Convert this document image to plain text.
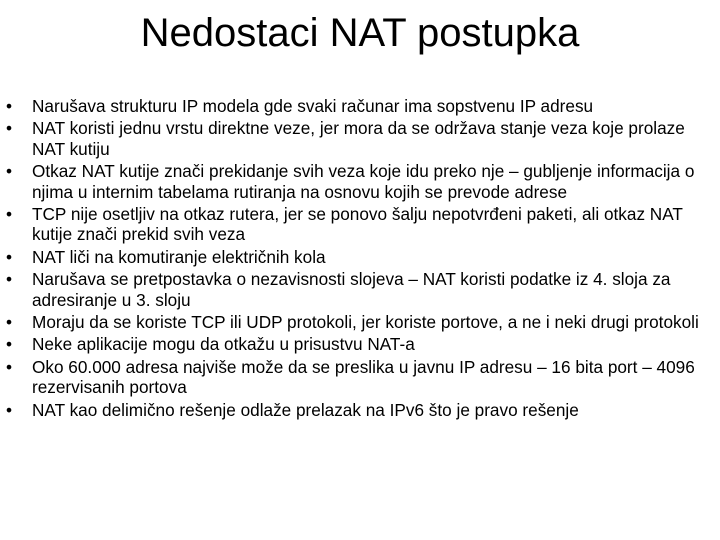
Nedostaci NAT postupka
•	Narušava strukturu IP modela gde svaki računar ima sopstvenu IP adresu
•	NAT koristi jednu vrstu direktne veze, jer mora da se održava stanje veza koje prolaze NAT kutiju
•	Otkaz NAT kutije znači prekidanje svih veza koje idu preko nje – gubljenje informacija o njima u internim tabelama rutiranja na osnovu kojih se prevode adrese
•	TCP nije osetljiv na otkaz rutera, jer se ponovo šalju nepotvrđeni paketi, ali otkaz NAT kutije znači prekid svih veza
•	NAT liči na komutiranje električnih kola
•	Narušava se pretpostavka o nezavisnosti slojeva – NAT koristi podatke iz 4. sloja za adresiranje u 3. sloju
•	Moraju da se koriste TCP ili UDP protokoli, jer koriste portove, a ne i neki drugi protokoli
•	Neke aplikacije mogu da otkažu u prisustvu NAT-a
•	Oko 60.000 adresa najviše može da se preslika u javnu IP adresu – 16 bita port – 4096 rezervisanih portova
•	NAT kao delimično rešenje odlaže prelazak na IPv6 što je pravo rešenje
